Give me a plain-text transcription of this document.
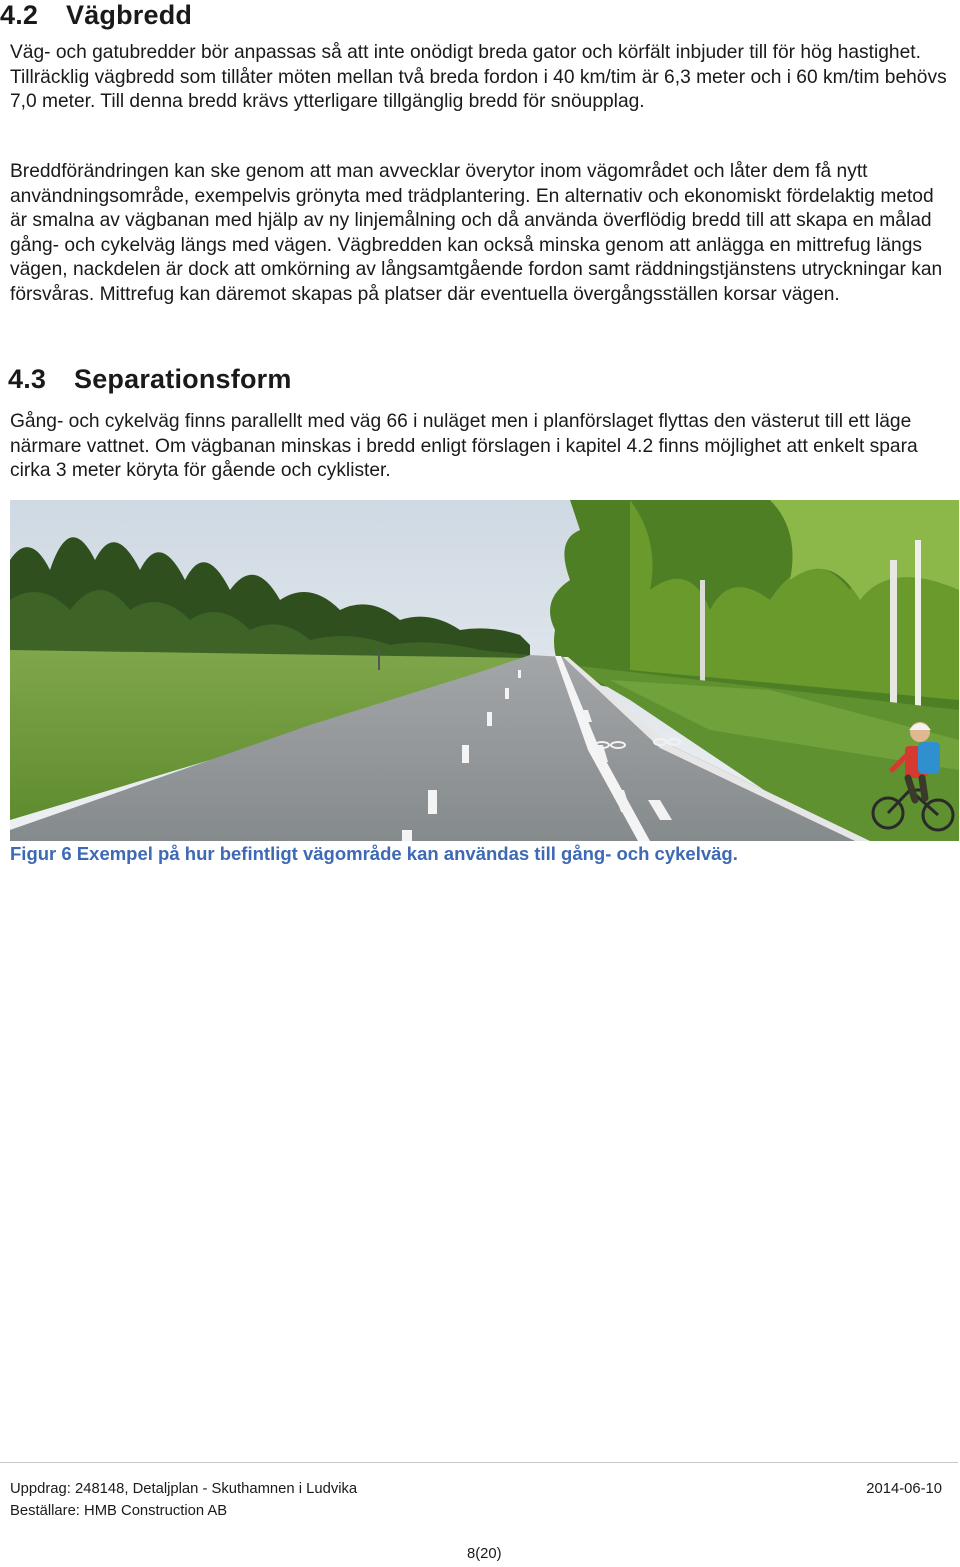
4.2 Vägbredd

Väg- och gatubredder bör anpassas så att inte onödigt breda gator och körfält inbjuder till för hög hastighet. Tillräcklig vägbredd som tillåter möten mellan två breda fordon i 40 km/tim är 6,3 meter och i 60 km/tim behövs 7,0 meter. Till denna bredd krävs ytterligare tillgänglig bredd för snöupplag.

Breddförändringen kan ske genom att man avvecklar överytor inom vägområdet och låter dem få nytt användningsområde, exempelvis grönyta med trädplantering. En alternativ och ekonomiskt fördelaktig metod är smalna av vägbanan med hjälp av ny linjemålning och då använda överflödig bredd till att skapa en målad gång- och cykelväg längs med vägen. Vägbredden kan också minska genom att anlägga en mittrefug längs vägen, nackdelen är dock att omkörning av långsamtgående fordon samt räddningstjänstens utryckningar kan försvåras. Mittrefug kan däremot skapas på platser där eventuella övergångsställen korsar vägen.

4.3 Separationsform

Gång- och cykelväg finns parallellt med väg 66 i nuläget men i planförslaget flyttas den västerut till ett läge närmare vattnet. Om vägbanan minskas i bredd enligt förslagen i kapitel 4.2 finns möjlighet att enkelt spara cirka 3 meter köryta för gående och cyklister.

Figur 6 Exempel på hur befintligt vägområde kan användas till gång- och cykelväg.
Uppdrag: 248148, Detaljplan - Skuthamnen i Ludvika	2014-06-10
Beställare: HMB Construction AB
8(20)
